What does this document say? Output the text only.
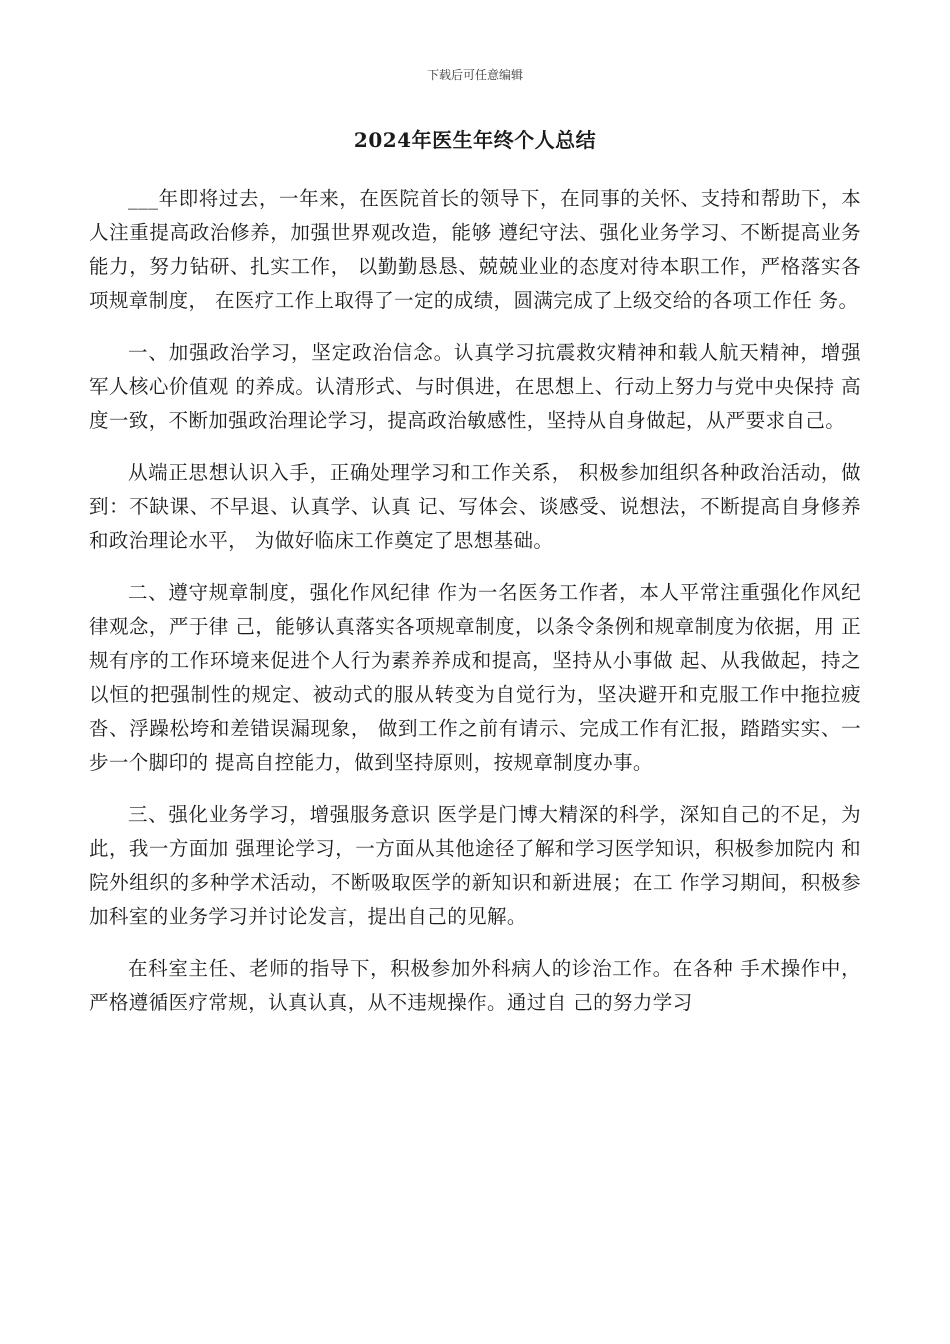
下载后可任意编辑
2024年医生年终个人总结

___年即将过去，一年来，在医院首长的领导下，在同事的关怀、支持和帮助下，本人注重提高政治修养，加强世界观改造，能够 遵纪守法、强化业务学习、不断提高业务能力，努力钻研、扎实工作， 以勤勤恳恳、兢兢业业的态度对待本职工作，严格落实各项规章制度， 在医疗工作上取得了一定的成绩，圆满完成了上级交给的各项工作任 务。

一、加强政治学习，坚定政治信念。认真学习抗震救灾精神和载人航天精神，增强军人核心价值观 的养成。认清形式、与时俱进，在思想上、行动上努力与党中央保持 高度一致，不断加强政治理论学习，提高政治敏感性，坚持从自身做起，从严要求自己。

从端正思想认识入手，正确处理学习和工作关系， 积极参加组织各种政治活动，做到：不缺课、不早退、认真学、认真 记、写体会、谈感受、说想法，不断提高自身修养和政治理论水平， 为做好临床工作奠定了思想基础。

二、遵守规章制度，强化作风纪律 作为一名医务工作者，本人平常注重强化作风纪律观念，严于律 己，能够认真落实各项规章制度，以条令条例和规章制度为依据，用 正规有序的工作环境来促进个人行为素养养成和提高，坚持从小事做 起、从我做起，持之以恒的把强制性的规定、被动式的服从转变为自觉行为，坚决避开和克服工作中拖拉疲沓、浮躁松垮和差错误漏现象， 做到工作之前有请示、完成工作有汇报，踏踏实实、一步一个脚印的 提高自控能力，做到坚持原则，按规章制度办事。

三、强化业务学习，增强服务意识 医学是门博大精深的科学，深知自己的不足，为此，我一方面加 强理论学习，一方面从其他途径了解和学习医学知识，积极参加院内 和院外组织的多种学术活动，不断吸取医学的新知识和新进展；在工 作学习期间，积极参加科室的业务学习并讨论发言，提出自己的见解。

在科室主任、老师的指导下，积极参加外科病人的诊治工作。在各种 手术操作中，严格遵循医疗常规，认真认真，从不违规操作。通过自 己的努力学习
